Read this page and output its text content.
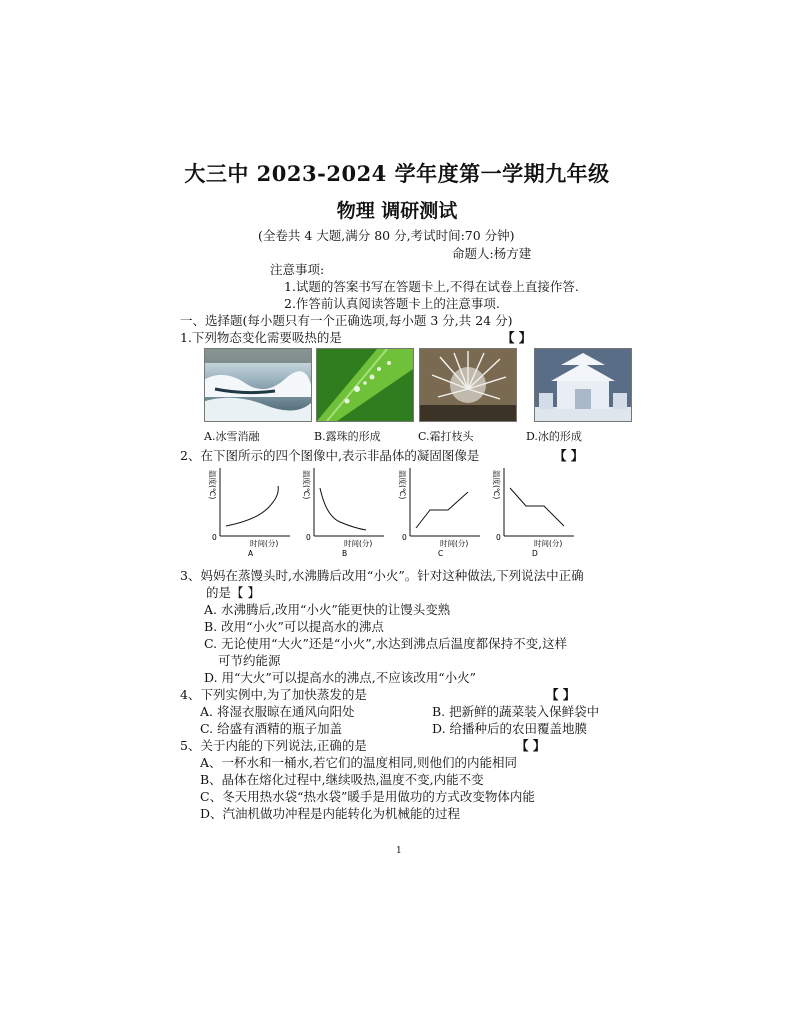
大三中 2023-2024 学年度第一学期九年级
物理 调研测试
(全卷共 4 大题,满分 80 分,考试时间:70 分钟)
命题人:杨方建
注意事项:
1.试题的答案书写在答题卡上,不得在试卷上直接作答.
2.作答前认真阅读答题卡上的注意事项.
一、选择题(每小题只有一个正确选项,每小题 3 分,共 24 分)
1.下列物态变化需要吸热的是	【 】
A.冰雪消融	B.露珠的形成	C.霜打枝头	D.冰的形成
2、在下图所示的四个图像中,表示非晶体的凝固图像是	【 】
温度(℃)
0
时间(分)
A
温度(℃)
0
时间(分)
B
温度(℃)
0
时间(分)
C
温度(℃)
0
时间(分)
D
3、妈妈在蒸馒头时,水沸腾后改用“小火”。针对这种做法,下列说法中正确
的是【 】
A. 水沸腾后,改用“小火”能更快的让馒头变熟
B. 改用“小火”可以提高水的沸点
C. 无论使用“大火”还是“小火”,水达到沸点后温度都保持不变,这样
可节约能源
D. 用“大火”可以提高水的沸点,不应该改用“小火”
4、下列实例中,为了加快蒸发的是	【 】
A. 将湿衣服晾在通风向阳处	B. 把新鲜的蔬菜装入保鲜袋中
C. 给盛有酒精的瓶子加盖	D. 给播种后的农田覆盖地膜
5、关于内能的下列说法,正确的是	【 】
A、一杯水和一桶水,若它们的温度相同,则他们的内能相同
B、晶体在熔化过程中,继续吸热,温度不变,内能不变
C、冬天用热水袋“热水袋”暖手是用做功的方式改变物体内能
D、汽油机做功冲程是内能转化为机械能的过程
1
